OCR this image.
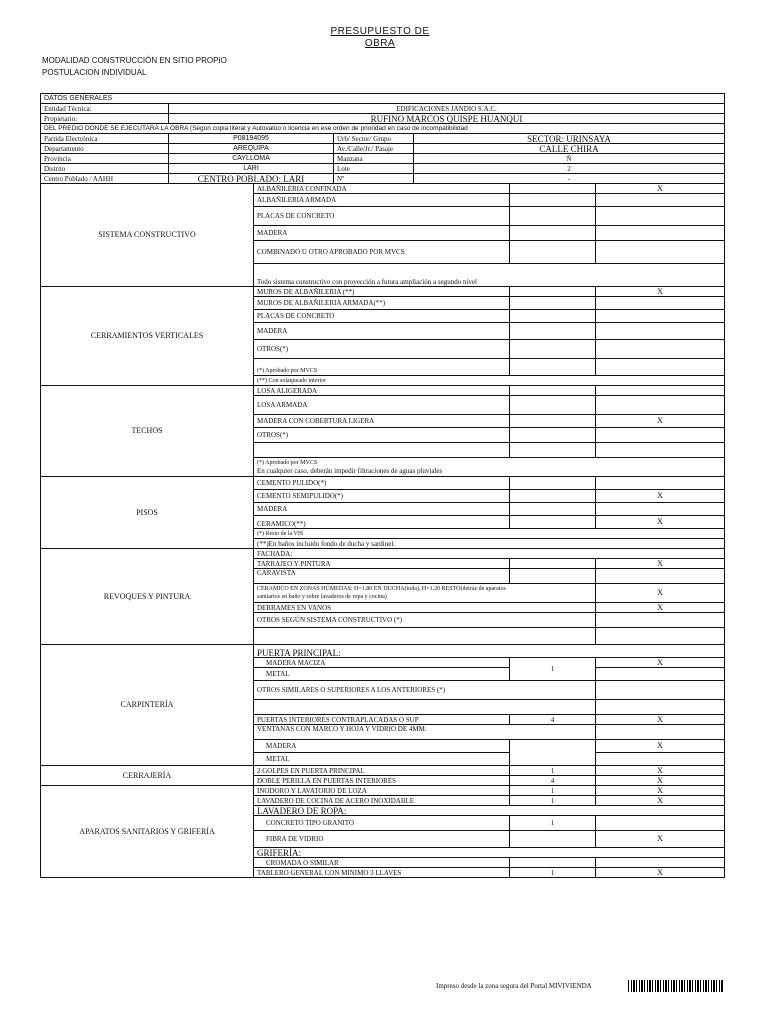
PRESUPUESTO DE
OBRA
MODALIDAD CONSTRUCCIÓN EN SITIO PROPIO
POSTULACION INDIVIDUAL
DATOS GENERALES						
Entidad Técnica:	EDIFICACIONES JANDIO S.A.C.					
Propietario:	RUFINO MARCOS QUISPE HUANQUI					
DEL PREDIO DONDE SE EJECUTARÁ LA OBRA (Según copia literal y Autovalúo o licencia en ese orden de prioridad en caso de incompatibilidad						
Partida Electrónica	P08194095		Urb/ Sector/ Grupo	SECTOR: URINSAYA		
Departamento	AREQUIPA		Av./Calle/Jr./ Pasaje	CALLE CHIRA		
Provincia	CAYLLOMA		Manzana	Ñ		
Distrito	LARI		Lote	2		
Centro Poblado / AAHH	CENTRO POBLADO: LARI		Nº	-		
SISTEMA CONSTRUCTIVO		ALBAÑILERIA CONFINADA				X
		ALBAÑILERIA ARMADA				
		PLACAS DE CONCRETO				
		MADERA				
		COMBINADO U OTRO APROBADO POR MVCS				
		Todo sistema constructivo con proyección a futura ampliación a segundo nivel				
CERRAMIENTOS VERTICALES		MUROS DE ALBAÑILERIA (**)				X
		MUROS DE ALBAÑILERIA ARMADA(**)				
		PLACAS DE CONCRETO				
		MADERA				
		OTROS(*)				
		(*) Aprobado por MVCS				
		(**) Con solaqueado interior				
TECHOS		LOSA ALIGERADA				
		LOSA ARMADA				
		MADERA CON COBERTURA LIGERA				X
		OTROS(*)				

		(*) Aprobado por MVCS
En cualquier caso, deberán impedir filtraciones de aguas pluviales				

PISOS		CEMENTO PULIDO(*)				
		CEMENTO SEMIPULIDO(*)				X
		MADERA				
		CERAMICO(**)				X
		(*) Resto de la VIS				
		(**)En baños incluido fondo de ducha y sardinel.				
REVOQUES Y PINTURA		FACHADA:				
		TARRAJEO Y PINTURA				X
		CARAVISTA				

		CERAMICO EN ZONAS HÚMEDAS: H=1.80 EN DUCHA(toda), H=1.20 RESTO(detráz de aparatos
sanitarios en baño y sobre lavaderos de ropa y cocina)				X
		DERRAMES EN VANOS				X
		OTROS SEGÚN SISTEMA CONSTRUCTIVO (*)				

CARPINTERÍA		PUERTA PRINCIPAL:				
		MADERA MACIZA			1	X
		METAL				
		OTROS SIMILARES O SUPERIORES A LOS ANTERIORES (*)				

		PUERTAS INTERIORES CONTRAPLACADAS O SUP			4	X
		VENTANAS CON MARCO Y HOJA Y VIDRIO DE 4MM:				
		MADERA				X
		METAL				
CERRAJERÍA		2 GOLPES EN PUERTA PRINCIPAL			1	X
		DOBLE PERILLA EN PUERTAS INTERIORES			4	X
APARATOS SANITARIOS Y GRIFERÍA		INODORO Y LAVATORIO DE LOZA			1	X
		LAVADERO DE COCINA DE ACERO INOXIDABLE			1	X
		LAVADERO DE ROPA:				
		CONCRETO TIPO GRANITO			1	
		FIBRA DE VIDRIO				X
		GRIFERÍA:				
		CROMADA O SIMILAR				
		TABLERO GENERAL CON MINIMO 3 LLAVES			1	X
Impreso desde la zona segura del Portal MIVIVIENDA
